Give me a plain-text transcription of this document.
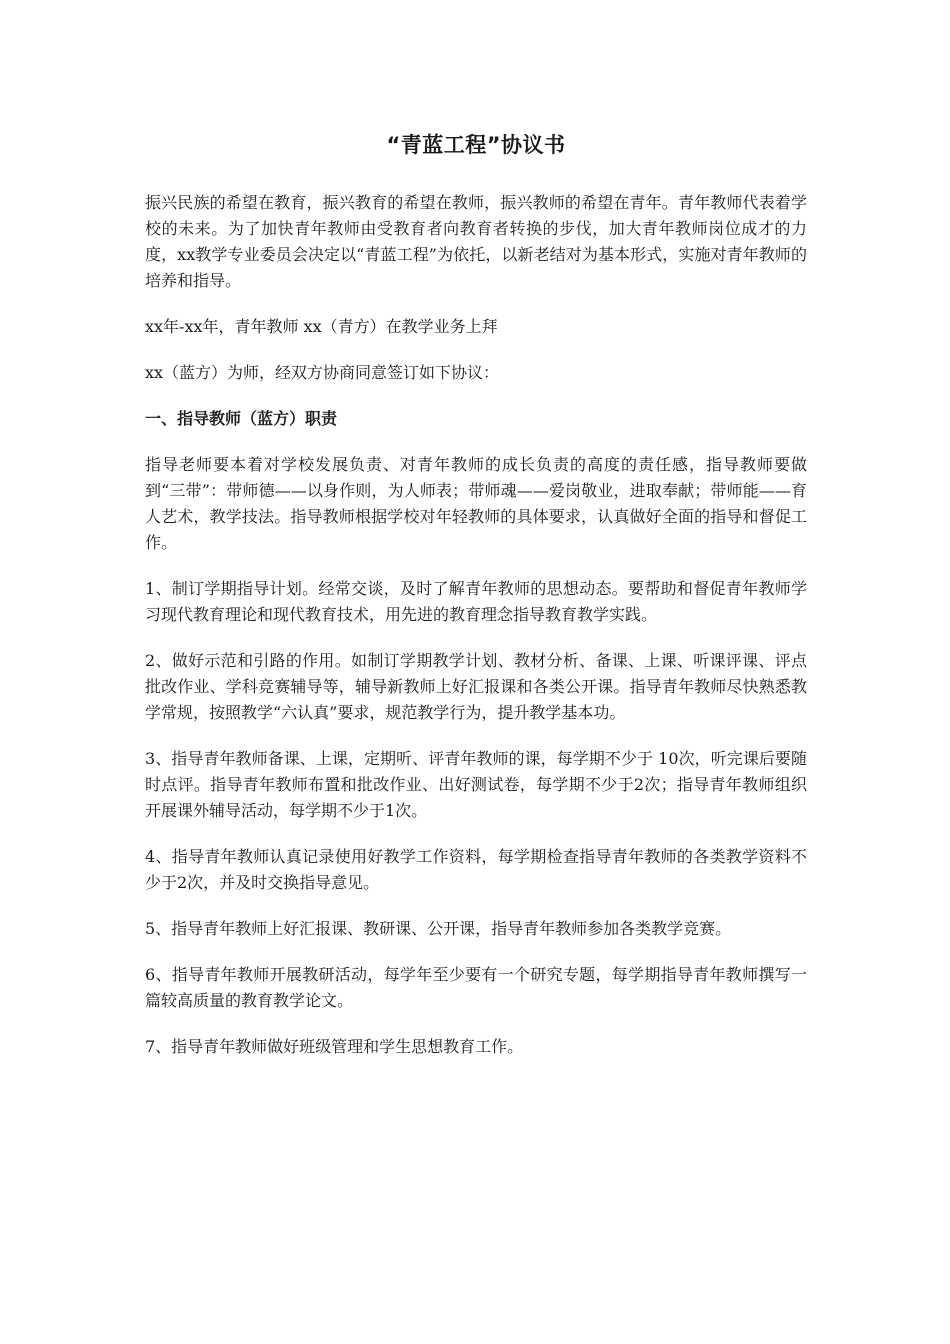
“青蓝工程”协议书

振兴民族的希望在教育，振兴教育的希望在教师，振兴教师的希望在青年。青年教师代表着学校的未来。为了加快青年教师由受教育者向教育者转换的步伐，加大青年教师岗位成才的力度，xx教学专业委员会决定以“青蓝工程”为依托，以新老结对为基本形式，实施对青年教师的培养和指导。

xx年-xx年，青年教师 xx（青方）在教学业务上拜

xx（蓝方）为师，经双方协商同意签订如下协议：

一、指导教师（蓝方）职责

指导老师要本着对学校发展负责、对青年教师的成长负责的高度的责任感，指导教师要做到“三带”：带师德——以身作则，为人师表；带师魂——爱岗敬业，进取奉献；带师能——育人艺术，教学技法。指导教师根据学校对年轻教师的具体要求，认真做好全面的指导和督促工作。

1、制订学期指导计划。经常交谈，及时了解青年教师的思想动态。要帮助和督促青年教师学习现代教育理论和现代教育技术，用先进的教育理念指导教育教学实践。

2、做好示范和引路的作用。如制订学期教学计划、教材分析、备课、上课、听课评课、评点批改作业、学科竞赛辅导等，辅导新教师上好汇报课和各类公开课。指导青年教师尽快熟悉教学常规，按照教学“六认真”要求，规范教学行为，提升教学基本功。

3、指导青年教师备课、上课，定期听、评青年教师的课，每学期不少于 10次，听完课后要随时点评。指导青年教师布置和批改作业、出好测试卷，每学期不少于2次；指导青年教师组织开展课外辅导活动，每学期不少于1次。

4、指导青年教师认真记录使用好教学工作资料，每学期检查指导青年教师的各类教学资料不少于2次，并及时交换指导意见。

5、指导青年教师上好汇报课、教研课、公开课，指导青年教师参加各类教学竞赛。

6、指导青年教师开展教研活动，每学年至少要有一个研究专题，每学期指导青年教师撰写一篇较高质量的教育教学论文。

7、指导青年教师做好班级管理和学生思想教育工作。
